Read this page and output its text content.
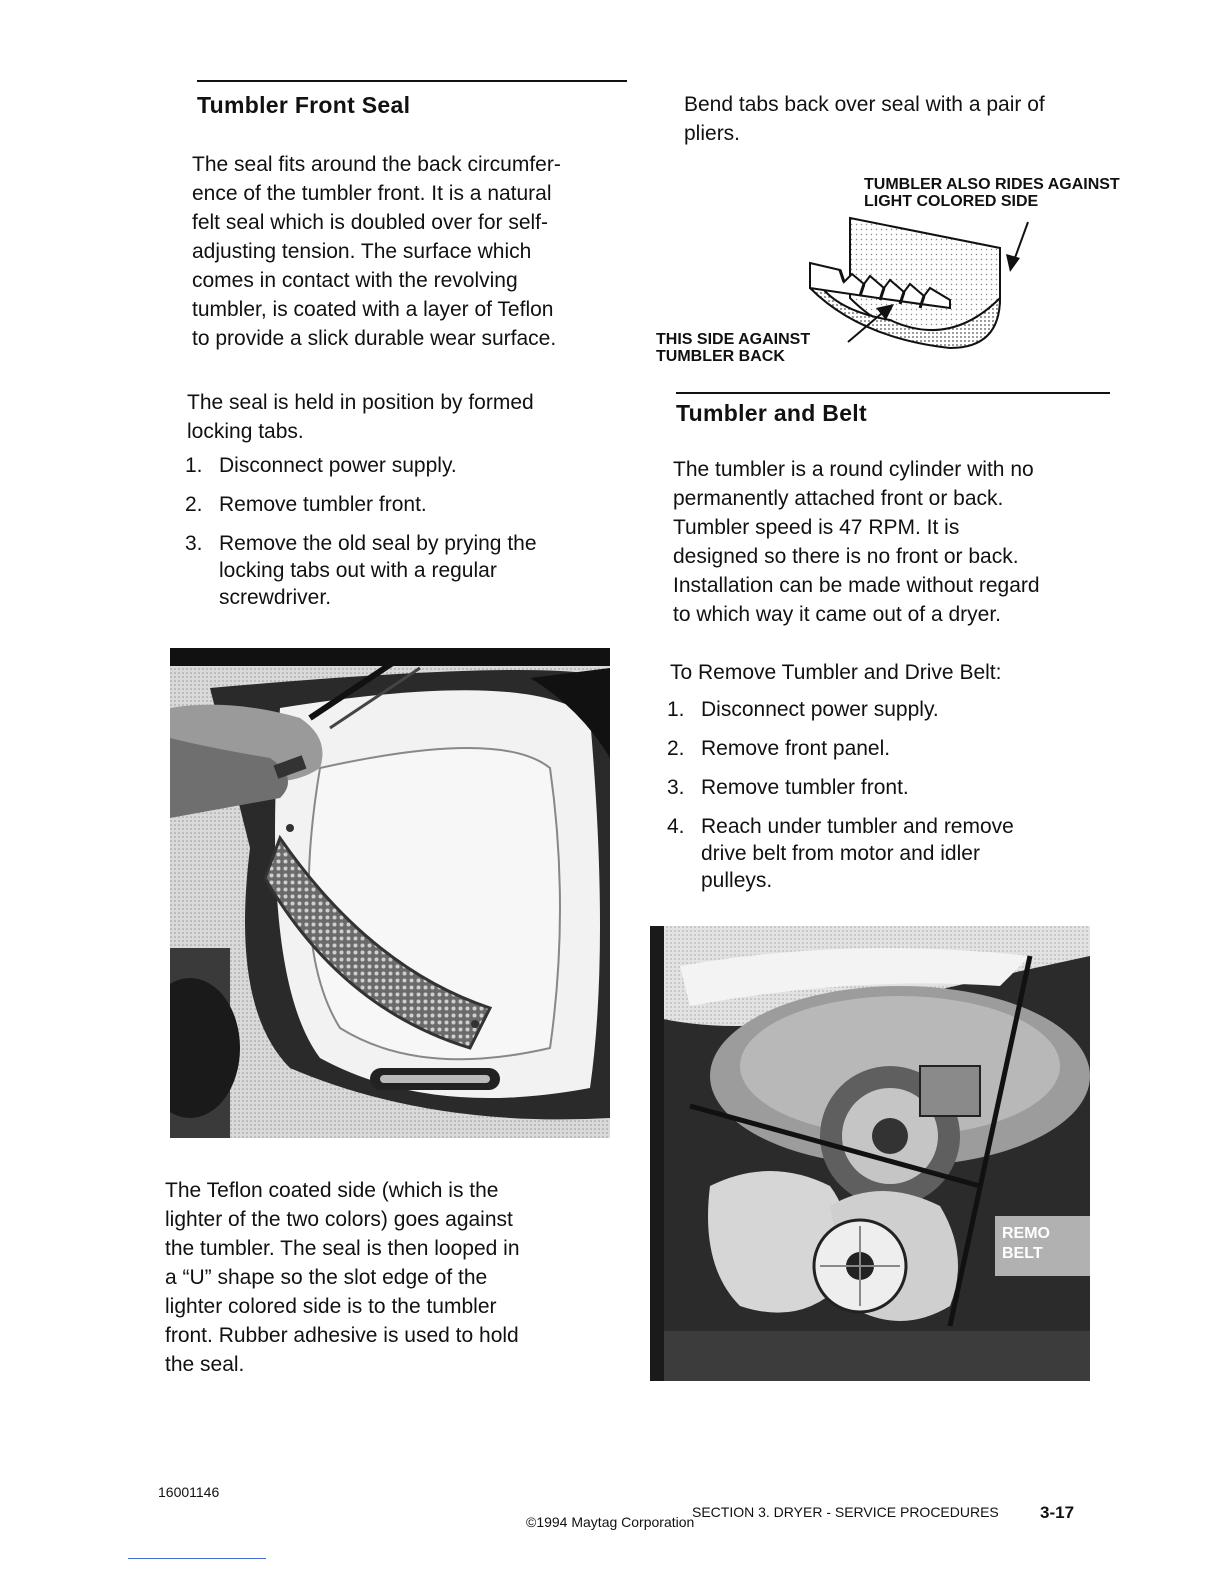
Tumbler Front Seal

The seal fits around the back circumfer-

ence of the tumbler front. It is a natural

felt seal which is doubled over for self-

adjusting tension. The surface which

comes in contact with the revolving

tumbler, is coated with a layer of Teflon

to provide a slick durable wear surface.

The seal is held in position by formed

locking tabs.

1. Disconnect power supply.
2. Remove tumbler front.
3. Remove the old seal by prying the
locking tabs out with a regular
screwdriver.

The Teflon coated side (which is the

lighter of the two colors) goes against

the tumbler. The seal is then looped in

a “U” shape so the slot edge of the

lighter colored side is to the tumbler

front. Rubber adhesive is used to hold

the seal.

Bend tabs back over seal with a pair of

pliers.

TUMBLER ALSO RIDES AGAINST
LIGHT COLORED SIDE
THIS SIDE AGAINST
TUMBLER BACK
Tumbler and Belt

The tumbler is a round cylinder with no

permanently attached front or back.

Tumbler speed is 47 RPM. It is

designed so there is no front or back.

Installation can be made without regard

to which way it came out of a dryer.

To Remove Tumbler and Drive Belt:
1. Disconnect power supply.
2. Remove front panel.
3. Remove tumbler front.
4. Reach under tumbler and remove
drive belt from motor and idler
pulleys.
REMO
BELT
16001146
SECTION 3. DRYER - SERVICE PROCEDURES 3-17
©1994 Maytag Corporation
